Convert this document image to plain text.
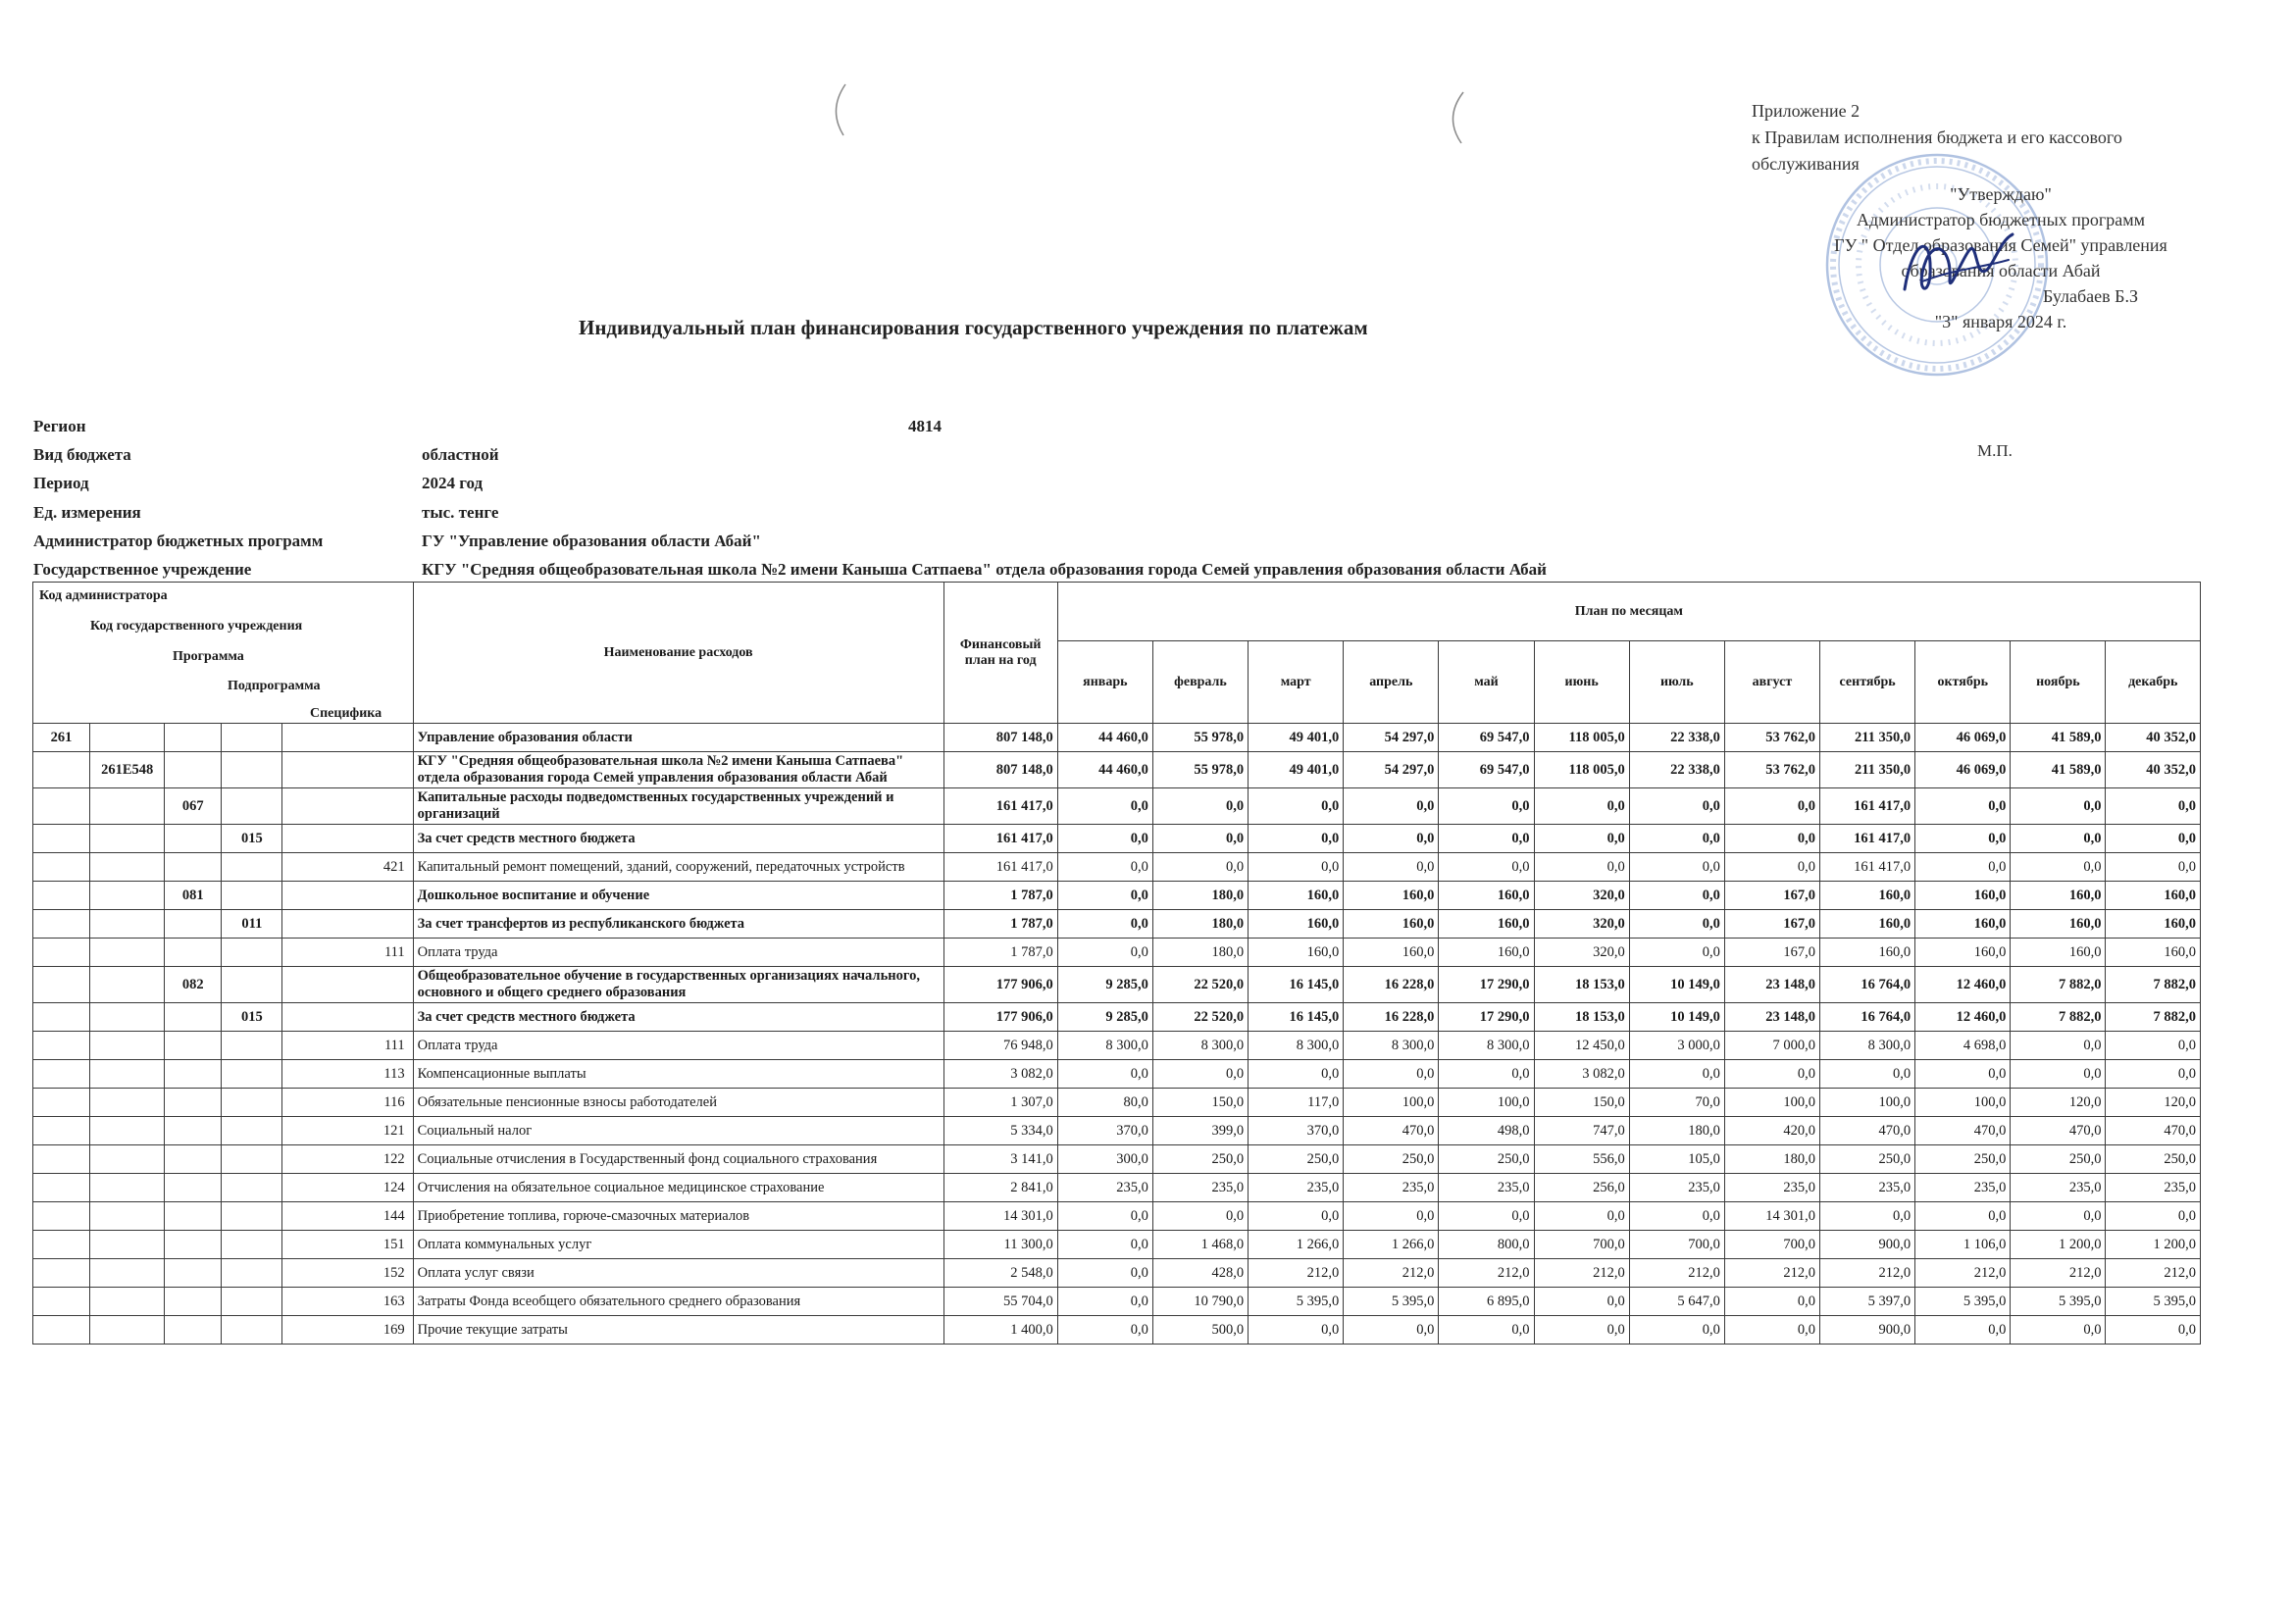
Приложение 2
к Правилам исполнения бюджета и его кассового
обслуживания
"Утверждаю"
Администратор бюджетных программ
ГУ " Отдел образования Семей" управления
образования области Абай
Булабаев Б.З
"3" января 2024 г.
М.П.
Индивидуальный план финансирования государственного учреждения по платежам
Регион	4814
Вид бюджета	областной
Период	2024 год
Ед. измерения	тыс. тенге
Администратор бюджетных программ	ГУ "Управление образования области Абай"
Государственное учреждение	КГУ "Средняя общеобразовательная школа №2 имени Каныша Сатпаева" отдела образования города Семей управления образования области Абай
Код администратора
Код государственного учреждения
Программа
Подпрограмма
Специфика					Наименование расходов	Финансовый план на год	План по месяцам											
							январь	февраль	март	апрель	май	июнь	июль	август	сентябрь	октябрь	ноябрь	декабрь
261					Управление образования области	807 148,0	44 460,0	55 978,0	49 401,0	54 297,0	69 547,0	118 005,0	22 338,0	53 762,0	211 350,0	46 069,0	41 589,0	40 352,0
	261E548				КГУ "Средняя общеобразовательная школа №2 имени Каныша Сатпаева" отдела образования города Семей управления образования области Абай	807 148,0	44 460,0	55 978,0	49 401,0	54 297,0	69 547,0	118 005,0	22 338,0	53 762,0	211 350,0	46 069,0	41 589,0	40 352,0
		067			Капитальные расходы подведомственных государственных учреждений и организаций	161 417,0	0,0	0,0	0,0	0,0	0,0	0,0	0,0	0,0	161 417,0	0,0	0,0	0,0
			015		За счет средств местного бюджета	161 417,0	0,0	0,0	0,0	0,0	0,0	0,0	0,0	0,0	161 417,0	0,0	0,0	0,0
				421	Капитальный ремонт помещений, зданий, сооружений, передаточных устройств	161 417,0	0,0	0,0	0,0	0,0	0,0	0,0	0,0	0,0	161 417,0	0,0	0,0	0,0
		081			Дошкольное воспитание и обучение	1 787,0	0,0	180,0	160,0	160,0	160,0	320,0	0,0	167,0	160,0	160,0	160,0	160,0
			011		За счет трансфертов из республиканского бюджета	1 787,0	0,0	180,0	160,0	160,0	160,0	320,0	0,0	167,0	160,0	160,0	160,0	160,0
				111	Оплата труда	1 787,0	0,0	180,0	160,0	160,0	160,0	320,0	0,0	167,0	160,0	160,0	160,0	160,0
		082			Общеобразовательное обучение в государственных организациях начального, основного и общего среднего образования	177 906,0	9 285,0	22 520,0	16 145,0	16 228,0	17 290,0	18 153,0	10 149,0	23 148,0	16 764,0	12 460,0	7 882,0	7 882,0
			015		За счет средств местного бюджета	177 906,0	9 285,0	22 520,0	16 145,0	16 228,0	17 290,0	18 153,0	10 149,0	23 148,0	16 764,0	12 460,0	7 882,0	7 882,0
				111	Оплата труда	76 948,0	8 300,0	8 300,0	8 300,0	8 300,0	8 300,0	12 450,0	3 000,0	7 000,0	8 300,0	4 698,0	0,0	0,0
				113	Компенсационные выплаты	3 082,0	0,0	0,0	0,0	0,0	0,0	3 082,0	0,0	0,0	0,0	0,0	0,0	0,0
				116	Обязательные пенсионные взносы работодателей	1 307,0	80,0	150,0	117,0	100,0	100,0	150,0	70,0	100,0	100,0	100,0	120,0	120,0
				121	Социальный налог	5 334,0	370,0	399,0	370,0	470,0	498,0	747,0	180,0	420,0	470,0	470,0	470,0	470,0
				122	Социальные отчисления в Государственный фонд социального страхования	3 141,0	300,0	250,0	250,0	250,0	250,0	556,0	105,0	180,0	250,0	250,0	250,0	250,0
				124	Отчисления на обязательное социальное медицинское страхование	2 841,0	235,0	235,0	235,0	235,0	235,0	256,0	235,0	235,0	235,0	235,0	235,0	235,0
				144	Приобретение топлива, горюче-смазочных материалов	14 301,0	0,0	0,0	0,0	0,0	0,0	0,0	0,0	14 301,0	0,0	0,0	0,0	0,0
				151	Оплата коммунальных услуг	11 300,0	0,0	1 468,0	1 266,0	1 266,0	800,0	700,0	700,0	700,0	900,0	1 106,0	1 200,0	1 200,0
				152	Оплата услуг связи	2 548,0	0,0	428,0	212,0	212,0	212,0	212,0	212,0	212,0	212,0	212,0	212,0	212,0
				163	Затраты Фонда всеобщего обязательного среднего образования	55 704,0	0,0	10 790,0	5 395,0	5 395,0	6 895,0	0,0	5 647,0	0,0	5 397,0	5 395,0	5 395,0	5 395,0
				169	Прочие текущие затраты	1 400,0	0,0	500,0	0,0	0,0	0,0	0,0	0,0	0,0	900,0	0,0	0,0	0,0
